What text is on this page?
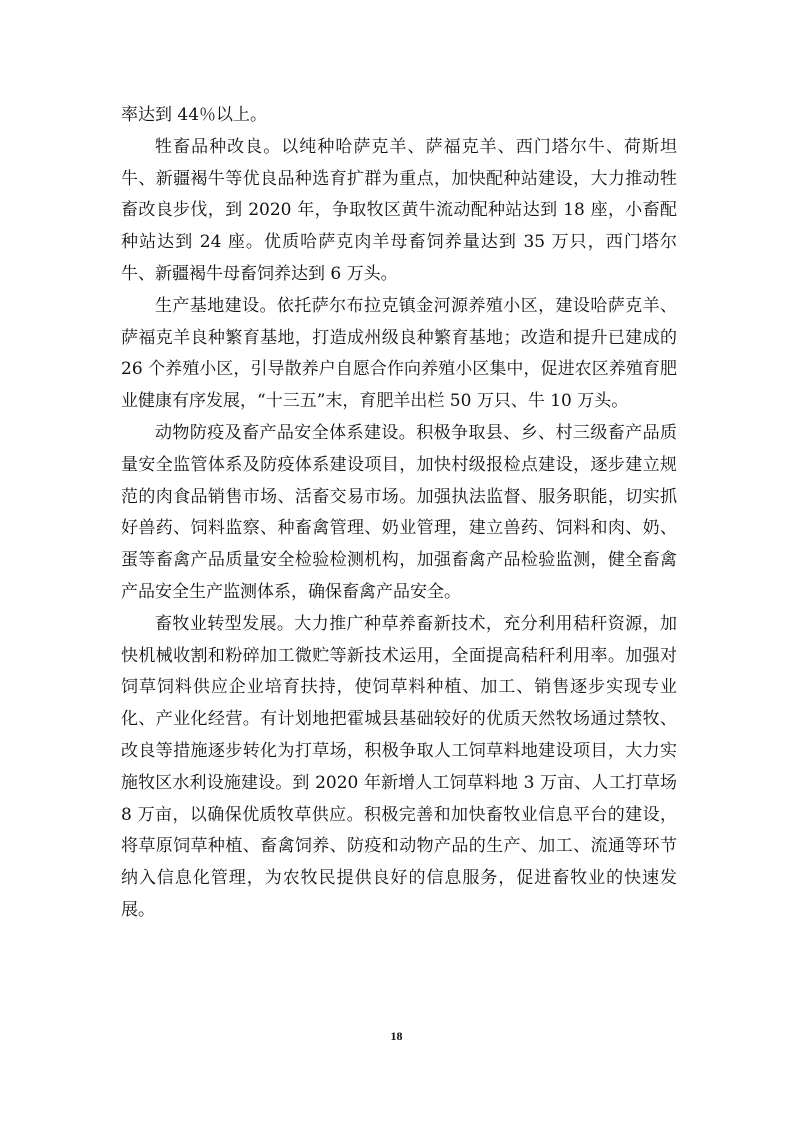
率达到 44％以上。

牲畜品种改良。以纯种哈萨克羊、萨福克羊、西门塔尔牛、荷斯坦牛、新疆褐牛等优良品种选育扩群为重点，加快配种站建设，大力推动牲畜改良步伐，到 2020 年，争取牧区黄牛流动配种站达到 18 座，小畜配种站达到 24 座。优质哈萨克肉羊母畜饲养量达到 35 万只，西门塔尔牛、新疆褐牛母畜饲养达到 6 万头。

生产基地建设。依托萨尔布拉克镇金河源养殖小区，建设哈萨克羊、萨福克羊良种繁育基地，打造成州级良种繁育基地；改造和提升已建成的 26 个养殖小区，引导散养户自愿合作向养殖小区集中，促进农区养殖育肥业健康有序发展，“十三五”末，育肥羊出栏 50 万只、牛 10 万头。

动物防疫及畜产品安全体系建设。积极争取县、乡、村三级畜产品质量安全监管体系及防疫体系建设项目，加快村级报检点建设，逐步建立规范的肉食品销售市场、活畜交易市场。加强执法监督、服务职能，切实抓好兽药、饲料监察、种畜禽管理、奶业管理，建立兽药、饲料和肉、奶、蛋等畜禽产品质量安全检验检测机构，加强畜禽产品检验监测，健全畜禽产品安全生产监测体系，确保畜禽产品安全。

畜牧业转型发展。大力推广种草养畜新技术，充分利用秸秆资源，加快机械收割和粉碎加工微贮等新技术运用，全面提高秸秆利用率。加强对饲草饲料供应企业培育扶持，使饲草料种植、加工、销售逐步实现专业化、产业化经营。有计划地把霍城县基础较好的优质天然牧场通过禁牧、改良等措施逐步转化为打草场，积极争取人工饲草料地建设项目，大力实施牧区水利设施建设。到 2020 年新增人工饲草料地 3 万亩、人工打草场 8 万亩，以确保优质牧草供应。积极完善和加快畜牧业信息平台的建设，将草原饲草种植、畜禽饲养、防疫和动物产品的生产、加工、流通等环节纳入信息化管理，为农牧民提供良好的信息服务，促进畜牧业的快速发展。

18
